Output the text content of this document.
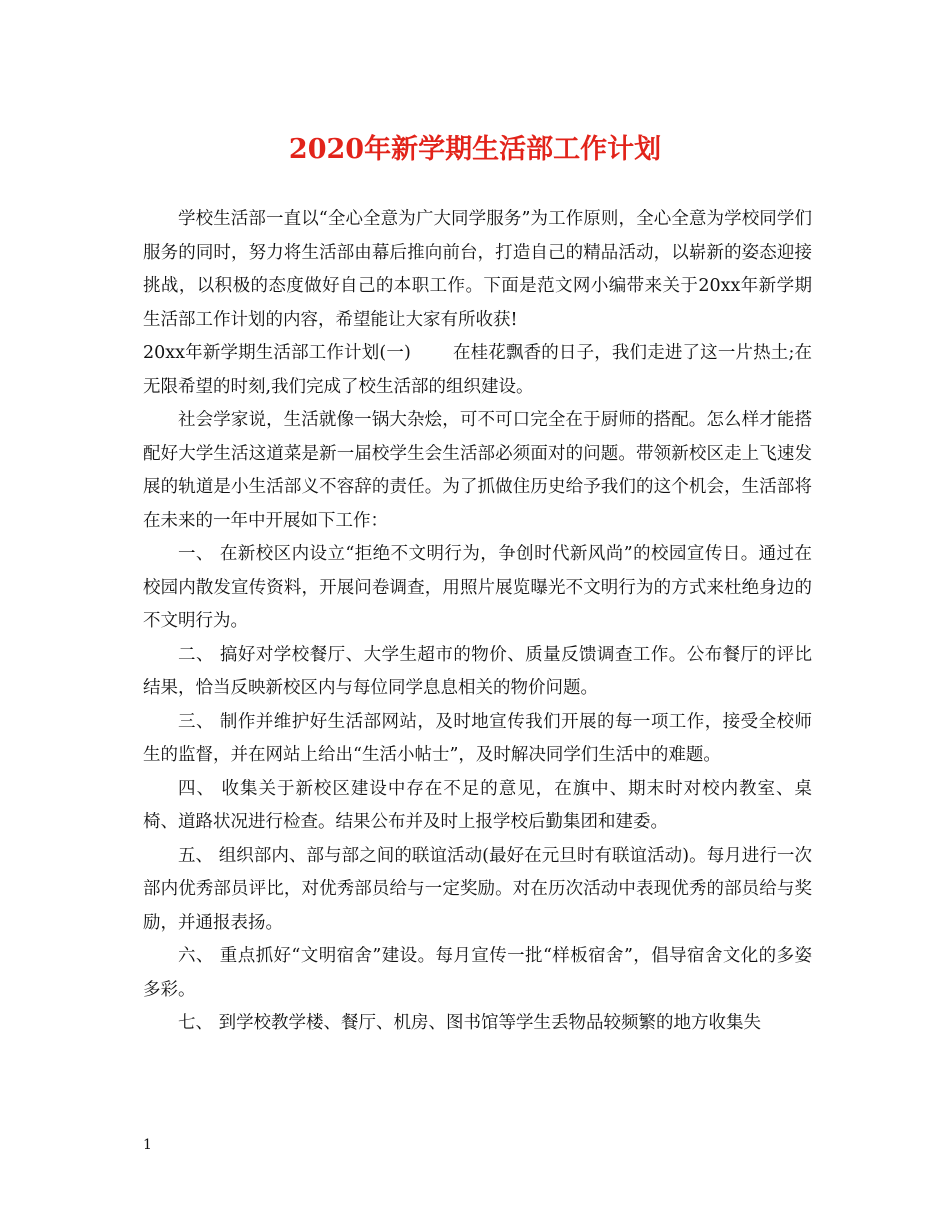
2020年新学期生活部工作计划

学校生活部一直以“全心全意为广大同学服务”为工作原则，全心全意为学校同学们服务的同时，努力将生活部由幕后推向前台，打造自己的精品活动，以崭新的姿态迎接挑战，以积极的态度做好自己的本职工作。下面是范文网小编带来关于20xx年新学期生活部工作计划的内容，希望能让大家有所收获!

20xx年新学期生活部工作计划(一) 在桂花飘香的日子，我们走进了这一片热土;在无限希望的时刻,我们完成了校生活部的组织建设。

社会学家说，生活就像一锅大杂烩，可不可口完全在于厨师的搭配。怎么样才能搭配好大学生活这道菜是新一届校学生会生活部必须面对的问题。带领新校区走上飞速发展的轨道是小生活部义不容辞的责任。为了抓做住历史给予我们的这个机会，生活部将在未来的一年中开展如下工作：

一、 在新校区内设立“拒绝不文明行为，争创时代新风尚”的校园宣传日。通过在校园内散发宣传资料，开展问卷调查，用照片展览曝光不文明行为的方式来杜绝身边的不文明行为。

二、 搞好对学校餐厅、大学生超市的物价、质量反馈调查工作。公布餐厅的评比结果，恰当反映新校区内与每位同学息息相关的物价问题。

三、 制作并维护好生活部网站，及时地宣传我们开展的每一项工作，接受全校师生的监督，并在网站上给出“生活小帖士”，及时解决同学们生活中的难题。

四、 收集关于新校区建设中存在不足的意见，在旗中、期末时对校内教室、桌椅、道路状况进行检查。结果公布并及时上报学校后勤集团和建委。

五、 组织部内、部与部之间的联谊活动(最好在元旦时有联谊活动)。每月进行一次部内优秀部员评比，对优秀部员给与一定奖励。对在历次活动中表现优秀的部员给与奖励，并通报表扬。

六、 重点抓好“文明宿舍”建设。每月宣传一批“样板宿舍”，倡导宿舍文化的多姿多彩。

七、 到学校教学楼、餐厅、机房、图书馆等学生丢物品较频繁的地方收集失

1
